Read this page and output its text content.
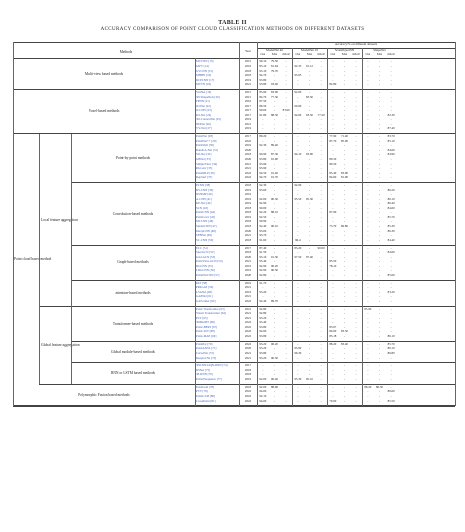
TABLE II
ACCURACY COMPARISON OF POINT CLOUD CLASSIFICATION METHODS ON DIFFERENT DATASETS
Accuracy/% on different datasets
ModelNet 40
OA	MA	mIoU
ModelNet 10
OA	MA	mIoU
ScanObjectNN
OA	MA	mIoU
ShapeNet
OA	MA	mIoU
Methods	Year
MVCNN [13]	2015	90.10	79.50	-	-	-	-	-	-	-	-	-	-
GIFT [14]	2016	83.10	81.94	-	92.35	91.12	-	-	-	-	-	-	-
GVCNN [15]	2018	93.10	79.70	-	-	-	-	-	-	-	-	-	-
MHBN [16]	2018	94.70	-	-	95.03	-	-	-	-	-	-	-	-
RCPCNN [17]	2019	93.80	-	-	-	-	-	-	-	-	-	-	-
MVTN [18]	2021	93.80	93.40	-	-	-	-	82.80	-	-	-	-	-
VoxNet [19]	2015	85.90	83.00	-	92.00	-	-	-	-	-	-	-	-
3D ShapeNets [20]	2015	84.70	77.30	-	-	83.50	-	-	-	-	-	-	-
FPNN [21]	2016	87.50	-	-	-	-	-	-	-	-	-	-	-
OctNet [22]	2017	86.50	-	-	90.90	-	-	-	-	-	-	-	-
O-CNN [23]	2017	90.60	-	83.90	-	-	-	-	-	-	-	-	-
Kd-Net [24]	2017	91.80	88.50	-	94.00	93.50	77.20	-	-	-	-	-	82.30
3D-ContextNet [25]	2019	-	-	-	-	-	-	-	-	-	-	-	-
NDNet [26]	2021	-	-	-	-	-	-	-	-	-	-	-	-
VV-Net [27]	2019	-	-	-	-	-	-	-	-	-	-	-	87.40
PointNet [28]	2017	89.20	-	-	-	-	-	77.90	71.40	-	-	-	83.70
PointNet++ [29]	2022	-	-	-	-	-	-	87.70	85.00	-	-	-	85.10
PointWeb [30]	2019	92.30	89.40	-	-	-	-	-	-	-	-	-	-
RandLA-Net [31]	2020	-	-	-	-	-	-	-	-	-	-	-	84.60
SO-Net [32]	2018	90.90	87.30	-	94.10	93.90	-	-	-	-	-	-	84.90
GBNet [33]	2020	93.80	91.00	-	-	-	-	80.50	-	-	-	-	-
SimpleView [34]	2021	93.90	-	-	-	-	-	80.50	-	-	-	-	-
PAConv [35]	2021	93.90	-	-	-	-	-	-	-	-	-	-	-
PointMLP [36]	2022	94.50	91.40	-	-	-	-	85.40	83.90	-	-	-	-
RepSurf [37]	2022	94.70	91.70	-	-	-	-	84.60	81.90	-	-	-	-
PCNN [38]	2018	92.30	-	-	94.90	-	-	-	-	-	-	-	-
RS-CNN [39]	2019	93.60	-	-	-	-	-	-	-	-	-	-	86.20
DSNMP [40]	2019	-	-	-	-	-	-	-	-	-	-	-	-
A-CNN [41]	2019	92.60	90.30	-	95.50	95.30	-	-	-	-	-	-	86.10
KP-Net [42]	2019	92.90	-	-	-	-	-	-	-	-	-	-	86.40
SCN [43]	2018	90.00	-	-	-	-	-	-	-	-	-	-	84.60
PointCNN [44]	2018	92.20	88.10	-	-	-	-	87.90	-	-	-	-	-
PointConv [45]	2019	92.50	-	-	-	-	-	-	-	-	-	-	85.70
MCCNN [46]	2018	90.90	-	-	-	-	-	-	-	-	-	-	-
SpiderCNN [47]	2018	92.40	90.10	-	-	-	-	73.70	69.80	-	-	-	85.30
InterpCNN [48]	2020	93.00	-	-	-	-	-	-	-	-	-	-	86.30
SFBNet [49]	2021	93.70	-	-	-	-	-	-	-	-	-	-	-
SC-CNN [50]	2018	91.60	-	-	96.4	-	-	-	-	-	-	-	84.40
ECC [51]	2017	87.40	-	-	83.20	-	90.00	-	-	-	-	-	-
SpecGCN [52]	2018	91.50	-	-	-	-	-	-	-	-	-	-	84.60
Grid-GCN [53]	2020	93.10	91.30	-	97.50	97.40	-	-	-	-	-	-	-
PointView-GCN [54]	2021	95.40	-	-	-	-	-	85.50	-	-	-	-	-
DGCNN [55]	2019	92.90	90.20	-	-	-	-	78.10	-	-	-	-	-
LDGCNN [56]	2019	92.90	90.30	-	-	-	-	-	-	-	-	-	-
PointNGCNN [57]	2020	92.80	-	-	-	-	-	-	-	-	-	-	85.60
PAT [58]	2019	91.70	-	-	-	-	-	-	-	-	-	-	-
PPAGAT [59]	2021	-	-	-	-	-	-	-	-	-	-	-	-
LSANet [60]	2019	93.20	-	-	-	-	-	-	-	-	-	-	83.20
GAPNet [61]	2021	-	-	-	-	-	-	-	-	-	-	-	-
GAFormer [62]	2022	92.40	89.70	-	-	-	-	-	-	-	-	-	-
Point Transformer [63]	2021	92.80	-	-	-	-	-	-	-	-	85.90	-	-
Visual Transformer [64]	2021	92.80	-	-	-	-	-	-	-	-	-	-	-
PCT [65]	2021	93.20	-	-	-	-	-	-	-	-	-	-	-
3DMedPT [66]	2022	93.40	-	-	-	-	-	-	-	-	-	-	-
Point-BERT [67]	2022	93.80	-	-	-	-	-	83.07	-	-	-	-	-
Point-TnT [68]	2022	92.60	-	-	-	-	-	84.60	83.50	-	-	-	-
Point-MAE [69]	2022	93.80	-	-	-	-	-	85.18	-	-	-	-	86.10
PointPat [70]	2022	93.20	90.20	-	-	-	-	88.20	83.40	-	-	-	85.70
PointASNL [71]	2020	93.20	-	-	95.90	-	-	-	-	-	-	-	86.10
CurveNet [72]	2021	93.80	-	-	96.30	-	-	-	-	-	-	-	86.80
DeepGCNs [73]	2021	93.20	90.30	-	-	-	-	-	-	-	-	-	-
3DCNN-DQN-RNN [74]	2017	-	-	-	-	-	-	-	-	-	-	-	-
RSNet [75]	2018	-	-	-	-	-	-	-	-	-	-	-	-
3P-RNN [76]	2018	-	-	-	-	-	-	-	-	-	-	-	-
Point2Sequence [77]	2019	92.60	90.40	-	95.30	95.10	-	-	-	-	-	-	-
PointGrid [78]	2018	92.00	88.90	-	-	-	-	-	-	-	86.20	80.50	-
PVT [79]	2022	94.00	-	-	-	-	-	-	-	-	-	-	86.60
PointCLIP [80]	2022	92.10	-	-	-	-	-	-	-	-	-	-	-
CrossPoint [81]	2022	94.00	-	-	-	-	-	79.00	-	-	-	-	85.50
Multi-view based methods
Voxel-based methods
Point-by-point methods
Convolution-based methods
Graph-based methods
attention-based methods
Transformer-based methods
Global module-based methods
RNN or LSTM based methods
Polymorphic Fusion based methods
Local feature aggregation
Global feature aggregation
Point cloud based method
